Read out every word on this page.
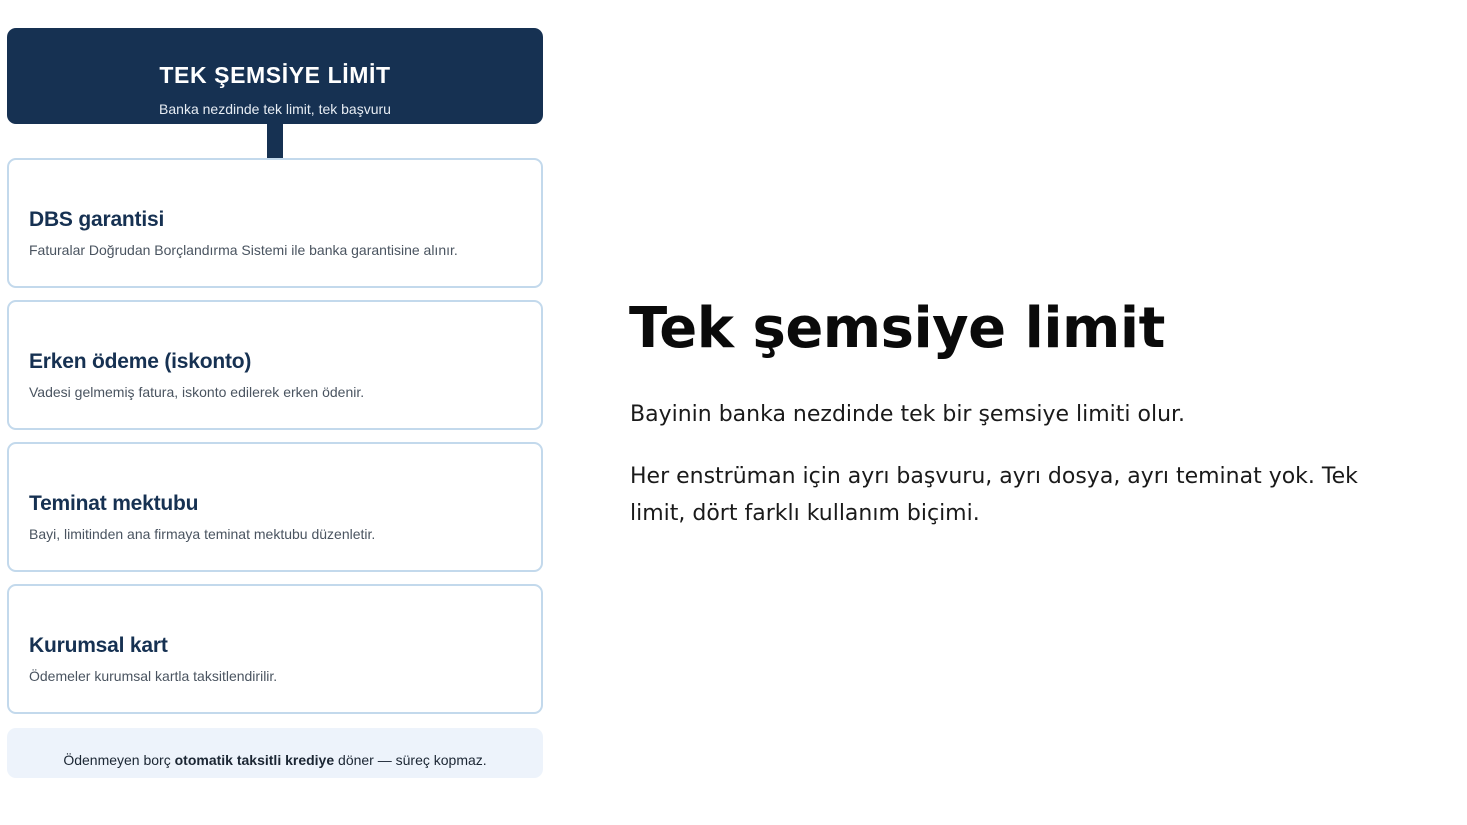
TEK ŞEMSİYE LİMİT
Banka nezdinde tek limit, tek başvuru
DBS garantisi
Faturalar Doğrudan Borçlandırma Sistemi ile banka garantisine alınır.
Erken ödeme (iskonto)
Vadesi gelmemiş fatura, iskonto edilerek erken ödenir.
Teminat mektubu
Bayi, limitinden ana firmaya teminat mektubu düzenletir.
Kurumsal kart
Ödemeler kurumsal kartla taksitlendirilir.
Ödenmeyen borç otomatik taksitli krediye döner — süreç kopmaz.
Tek şemsiye limit
Bayinin banka nezdinde tek bir şemsiye limiti olur.
Her enstrüman için ayrı başvuru, ayrı dosya, ayrı teminat yok. Tek limit, dört farklı kullanım biçimi.
